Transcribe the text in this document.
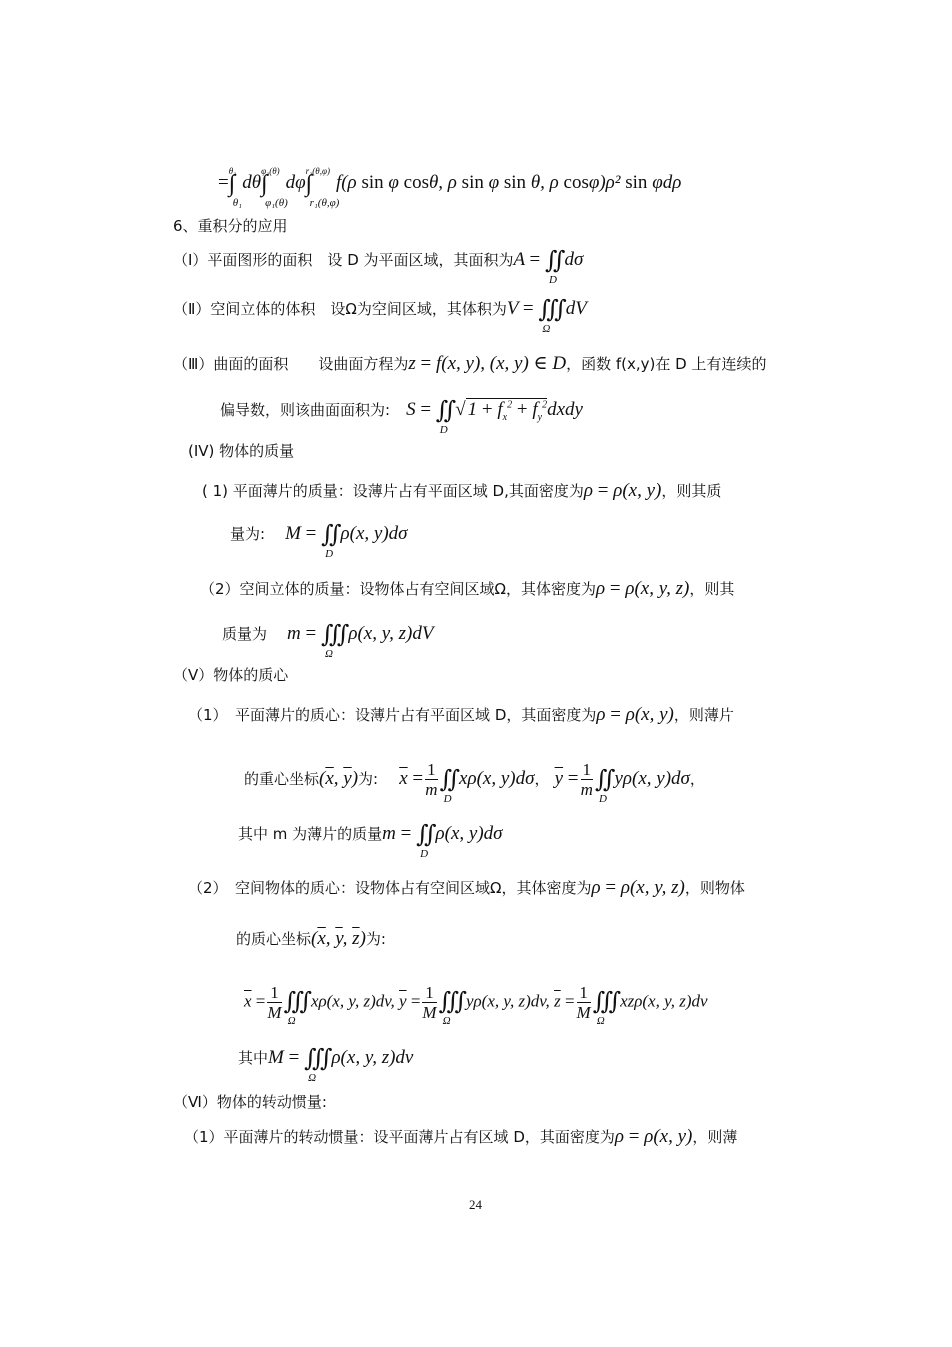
=
θ₁
$^{\theta_2}$dθ
φ₁(θ)
$^{\varphi_2(\theta)}$dφ
r₁(θ,φ)
$^{r_2(\theta,\varphi)}$f(ρ sin φ cosθ, ρ sin φ sin θ, ρ cosφ)ρ² sin φdρ
6、重积分的应用
（Ⅰ）平面图形的面积　设 D 为平面区域，其面积为A = ∬
D
dσ
（Ⅱ）空间立体的体积　设Ω为空间区域，其体积为V = ∭
Ω
dV
（Ⅲ）曲面的面积　　设曲面方程为z = f(x, y), (x, y) ∈ D，函数 f(x,y)在 D 上有连续的
偏导数，则该曲面面积为: S = ∬
D
√ $1 + f_x^2$ + $f_y^2dxdy$
(IV) 物体的质量
( 1) 平面薄片的质量：设薄片占有平面区域 D,其面密度为ρ = ρ(x, y)，则其质
量为: M = ∬
D
ρ(x, y)dσ
（2）空间立体的质量：设物体占有空间区域Ω，其体密度为ρ = ρ(x, y, z)，则其
质量为 m = ∭
Ω
ρ(x, y, z)dV
（Ⅴ）物体的质心
（1）　平面薄片的质心：设薄片占有平面区域 D，其面密度为ρ = ρ(x, y)，则薄片
的重心坐标($\overline{x}$, $\overline{y}$)为: $\overline{x} = \frac{1}{m}$ ∬
D
xρ(x, y)dσ， $\overline{y} = \frac{1}{m}$ ∬
D
yρ(x, y)dσ，
其中 m 为薄片的质量m = ∬
D
ρ(x, y)dσ
（2）　空间物体的质心：设物体占有空间区域Ω，其体密度为ρ = ρ(x, y, z)，则物体
的质心坐标($\overline{x}$, $\overline{y}$, $\overline{z}$)为:
$\overline{x} = \frac{1}{M}$ ∭
Ω
xρ(x, y, z)dv, $\overline{y} = \frac{1}{M}$ ∭
Ω
yρ(x, y, z)dv, $\overline{z} = \frac{1}{M}$ ∭
Ω
xzρ(x, y, z)dv
其中M = ∭
Ω
ρ(x, y, z)dv
（Ⅵ）物体的转动惯量:
（1）平面薄片的转动惯量：设平面薄片占有区域 D，其面密度为ρ = ρ(x, y)，则薄
24
